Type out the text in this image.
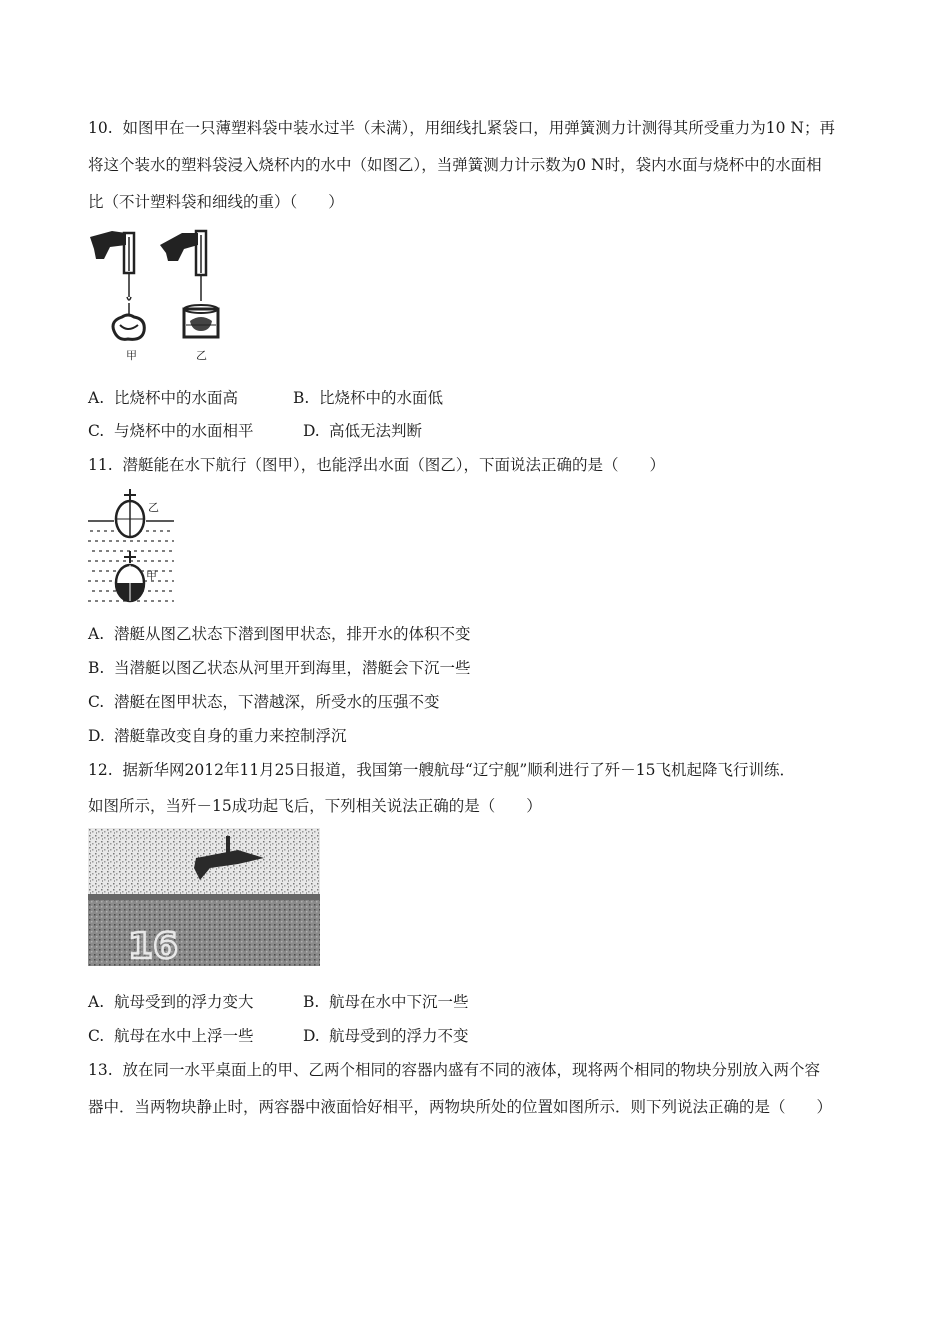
10. 如图甲在一只薄塑料袋中装水过半（未满），用细线扎紧袋口，用弹簧测力计测得其所受重力为10 N；再
将这个装水的塑料袋浸入烧杯内的水中（如图乙），当弹簧测力计示数为0 N时，袋内水面与烧杯中的水面相
比（不计塑料袋和细线的重）（　　）
甲	乙
A. 比烧杯中的水面高	B. 比烧杯中的水面低
C. 与烧杯中的水面相平	D. 高低无法判断
11. 潜艇能在水下航行（图甲），也能浮出水面（图乙），下面说法正确的是（　　）
乙
甲
A. 潜艇从图乙状态下潜到图甲状态，排开水的体积不变
B. 当潜艇以图乙状态从河里开到海里，潜艇会下沉一些
C. 潜艇在图甲状态，下潜越深，所受水的压强不变
D. 潜艇靠改变自身的重力来控制浮沉
12. 据新华网2012年11月25日报道，我国第一艘航母“辽宁舰”顺利进行了歼－15飞机起降飞行训练．
如图所示，当歼－15成功起飞后，下列相关说法正确的是（　　）
16
A. 航母受到的浮力变大	B. 航母在水中下沉一些
C. 航母在水中上浮一些	D. 航母受到的浮力不变
13. 放在同一水平桌面上的甲、乙两个相同的容器内盛有不同的液体，现将两个相同的物块分别放入两个容
器中．当两物块静止时，两容器中液面恰好相平，两物块所处的位置如图所示．则下列说法正确的是（　　）
